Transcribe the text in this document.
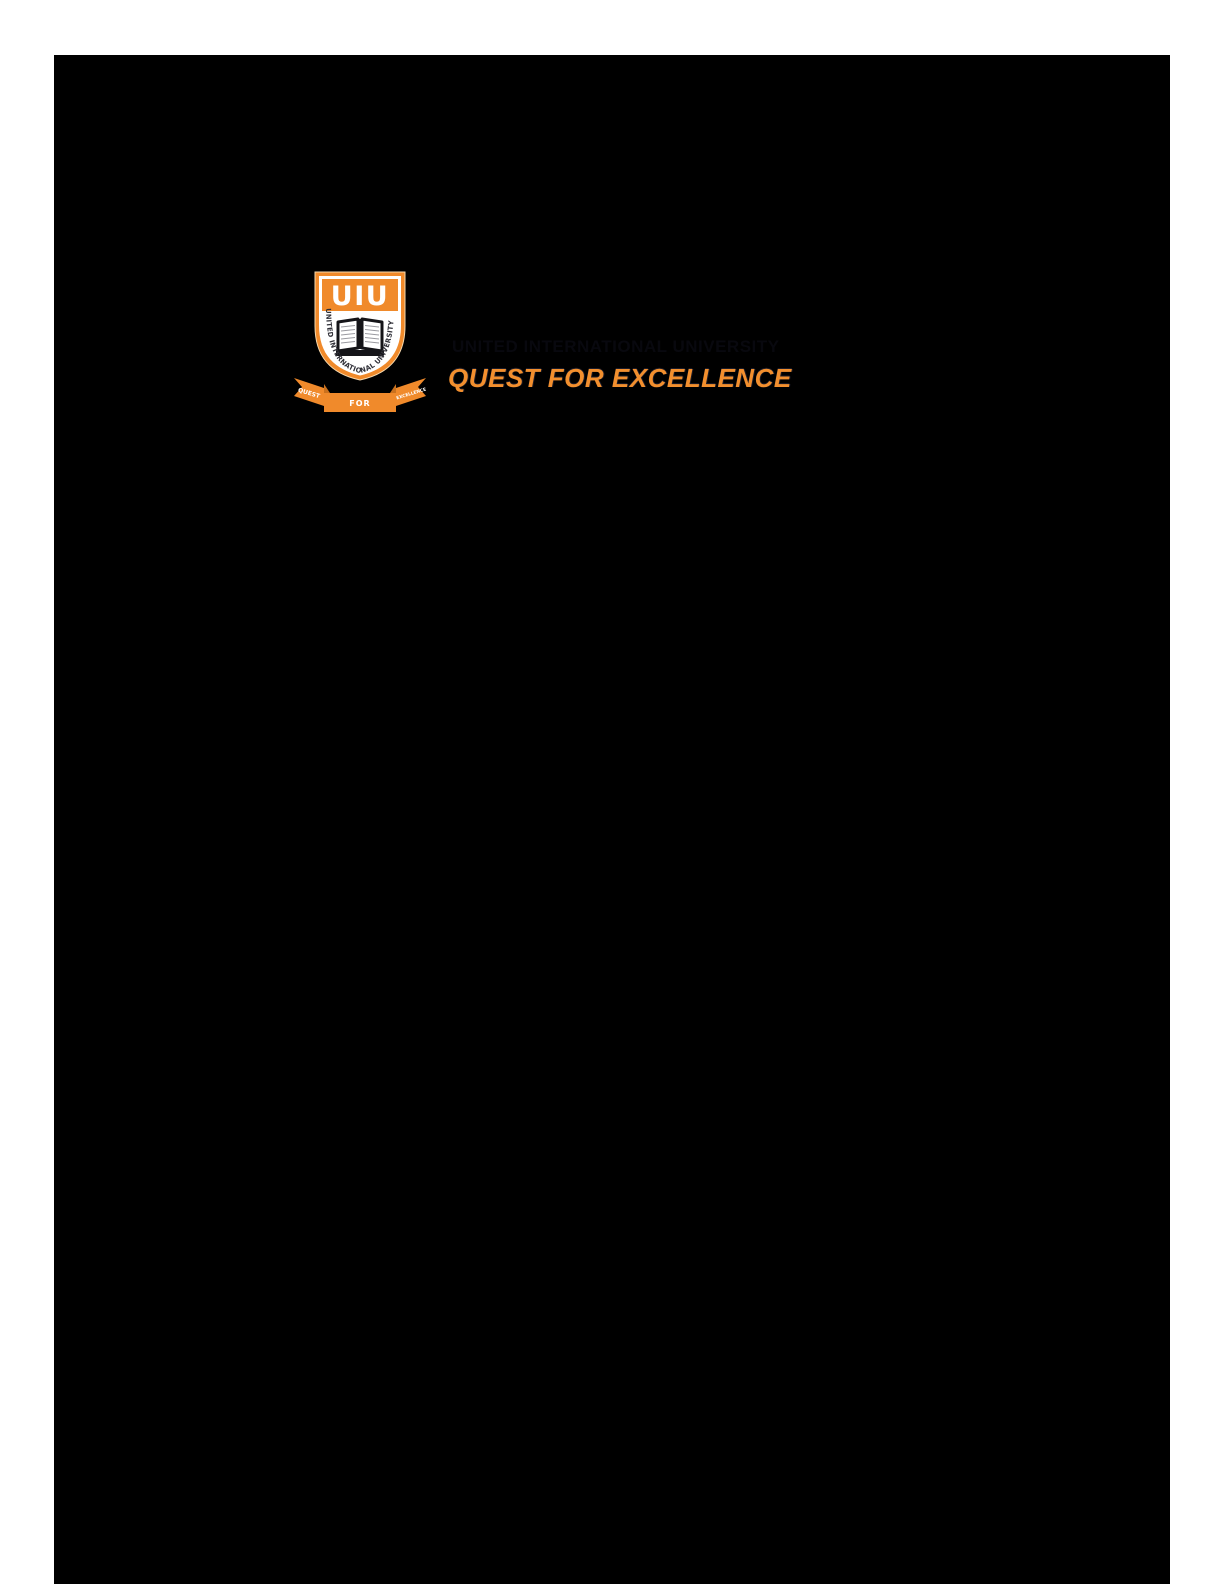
UIU
UNITED INTERNATIONAL UNIVERSITY
FOR
QUEST	EXCELLENCE
UNITED INTERNATIONAL UNIVERSITY
QUEST FOR EXCELLENCE
